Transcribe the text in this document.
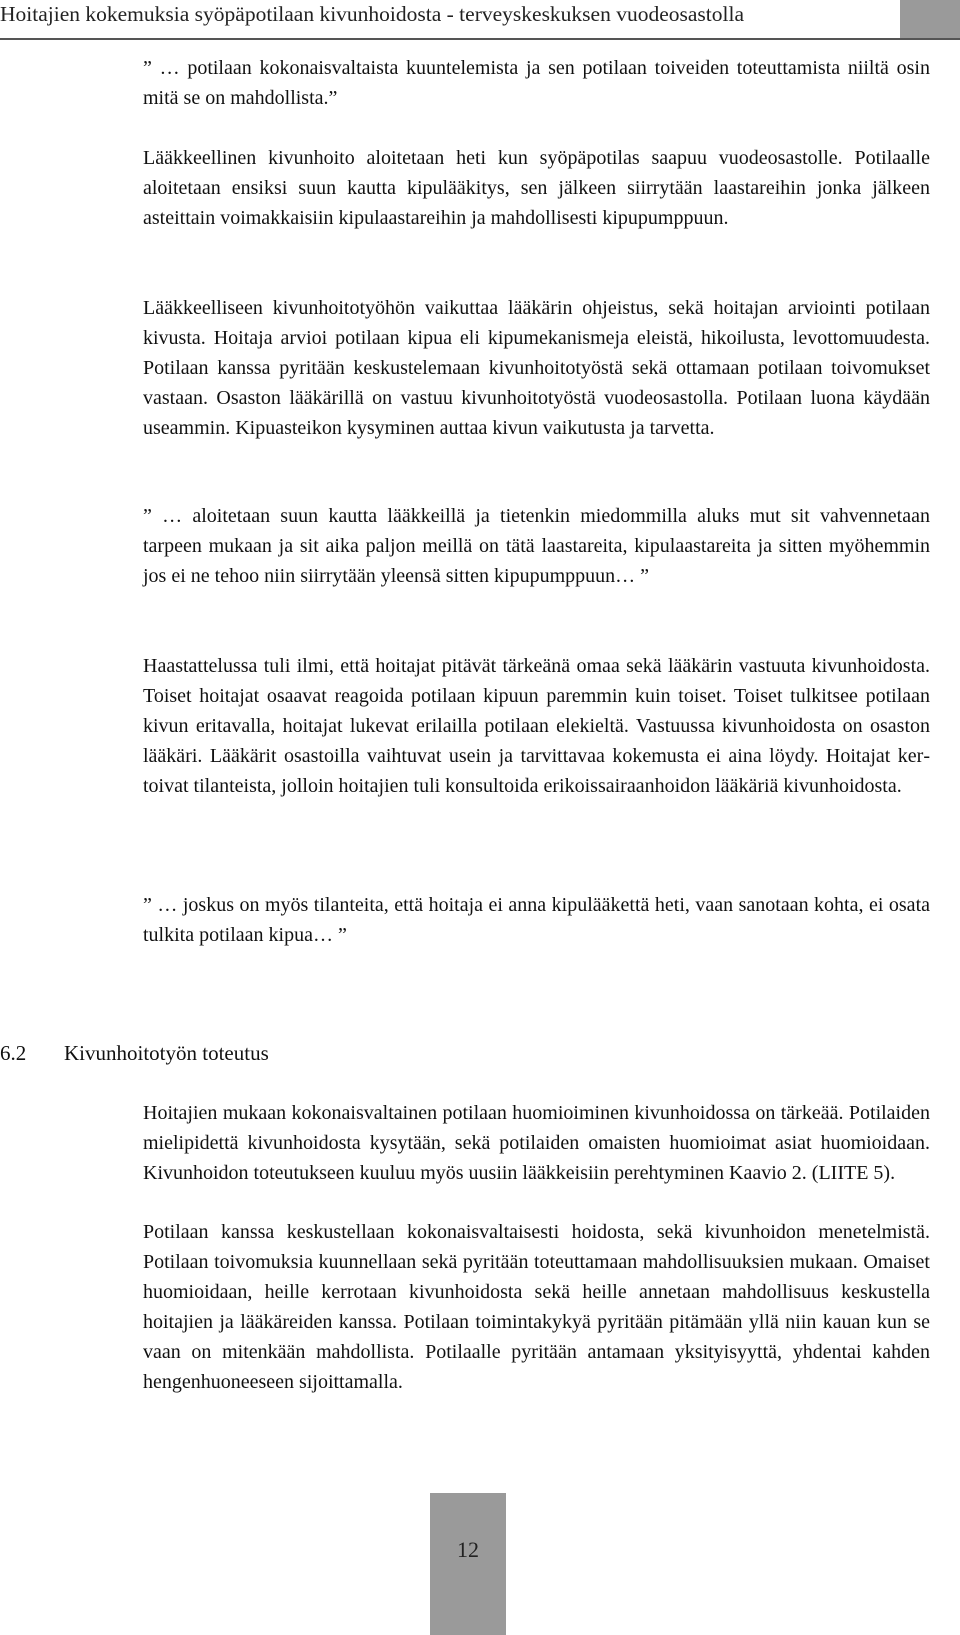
Hoitajien kokemuksia syöpäpotilaan kivunhoidosta - terveyskeskuksen vuodeosastolla

” … potilaan kokonaisvaltaista kuuntelemista ja sen potilaan toiveiden toteuttamista niiltä osin mitä se on mahdollista.”

Lääkkeellinen kivunhoito aloitetaan heti kun syöpäpotilas saapuu vuodeosastolle. Potilaalle aloitetaan ensiksi suun kautta kipulääkitys, sen jälkeen siirrytään laastareihin jonka jälkeen asteittain voimakkaisiin kipulaastareihin ja mahdollisesti kipupumppuun.

Lääkkeelliseen kivunhoitotyöhön vaikuttaa lääkärin ohjeistus, sekä hoitajan arviointi potilaan kivusta. Hoitaja arvioi potilaan kipua eli kipumekanismeja eleistä, hikoilusta, levottomuudesta. Potilaan kanssa pyritään keskustelemaan kivunhoitotyöstä sekä ottamaan potilaan toivomukset vastaan. Osaston lääkärillä on vastuu kivunhoitotyöstä vuodeosastolla. Potilaan luona käydään useammin. Kipuasteikon kysyminen auttaa kivun vaikutusta ja tarvetta.

” … aloitetaan suun kautta lääkkeillä ja tietenkin miedommilla aluks mut sit vahvennetaan tarpeen mukaan ja sit aika paljon meillä on tätä laastareita, kipulaastareita ja sitten myöhemmin jos ei ne tehoo niin siirrytään yleensä sitten kipupumppuun… ”

Haastattelussa tuli ilmi, että hoitajat pitävät tärkeänä omaa sekä lääkärin vastuuta kivunhoidosta. Toiset hoitajat osaavat reagoida potilaan kipuun paremmin kuin toiset. Toiset tulkitsee potilaan kivun eritavalla, hoitajat lukevat erilailla potilaan elekieltä. Vastuussa kivunhoidosta on osaston lääkäri. Lääkärit osastoilla vaihtuvat usein ja tarvittavaa kokemusta ei aina löydy. Hoitajat kertoivat tilanteista, jolloin hoitajien tuli konsultoida erikoissairaanhoidon lääkäriä kivunhoidosta.

” … joskus on myös tilanteita, että hoitaja ei anna kipulääkettä heti, vaan sanotaan kohta, ei osata tulkita potilaan kipua… ”

6.2 Kivunhoitotyön toteutus

Hoitajien mukaan kokonaisvaltainen potilaan huomioiminen kivunhoidossa on tärkeää. Potilaiden mielipidettä kivunhoidosta kysytään, sekä potilaiden omaisten huomioimat asiat huomioidaan. Kivunhoidon toteutukseen kuuluu myös uusiin lääkkeisiin perehtyminen Kaavio 2. (LIITE 5).

Potilaan kanssa keskustellaan kokonaisvaltaisesti hoidosta, sekä kivunhoidon menetelmistä. Potilaan toivomuksia kuunnellaan sekä pyritään toteuttamaan mahdollisuuksien mukaan. Omaiset huomioidaan, heille kerrotaan kivunhoidosta sekä heille annetaan mahdollisuus keskustella hoitajien ja lääkäreiden kanssa. Potilaan toimintakykyä pyritään pitämään yllä niin kauan kun se vaan on mitenkään mahdollista. Potilaalle pyritään antamaan yksityisyyttä, yhdentai kahden hengenhuoneeseen sijoittamalla.

12
